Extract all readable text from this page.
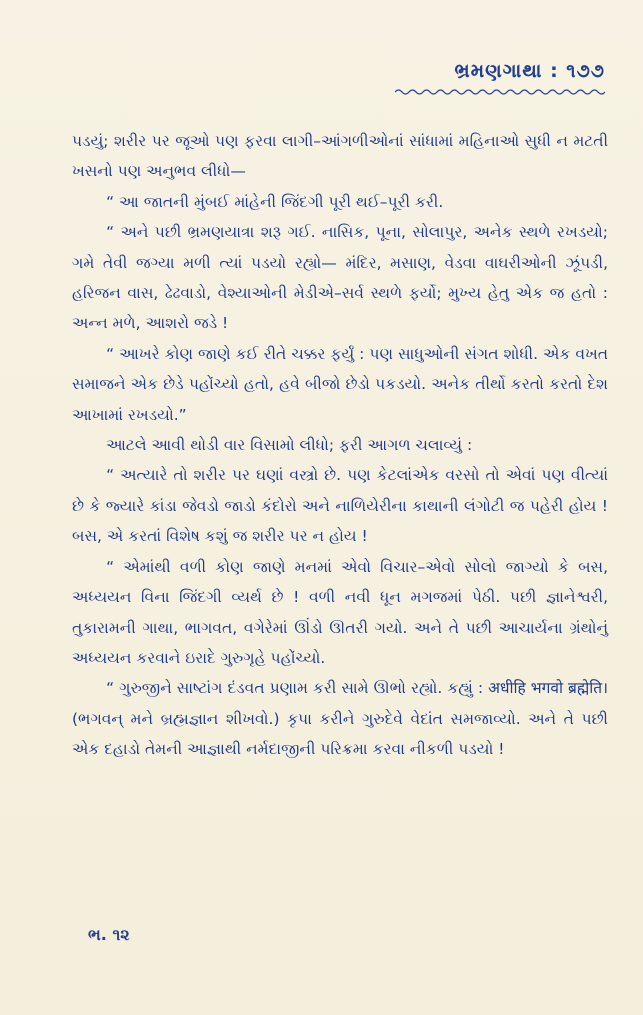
ભ્રમણગાથા : ૧૭૭

પડયું; શરીર પર જૂઓ પણ ફરવા લાગી–આંગળીઓનાં સાંધામાં મહિનાઓ સુધી ન મટતી ખસનો પણ અનુભવ લીધો—

“ આ જાતની મુંબઈ માંહેની જિંદગી પૂરી થઈ–પૂરી કરી.

“ અને પછી ભ્રમણયાત્રા શરૂ ગઈ. નાસિક, પૂના, સોલાપુર, અનેક સ્થળે રખડયો; ગમે તેવી જગ્યા મળી ત્યાં પડયો રહ્યો— મંદિર, મસાણ, વેડવા વાઘરીઓની ઝૂંપડી, હરિજન વાસ, ઢેઢવાડો, વેશ્યાઓની મેડીએ–સર્વ સ્થળે ફર્યો; મુખ્ય હેતુ એક જ હતો : અન્ન મળે, આશરો જડે !

“ આખરે કોણ જાણે કઈ રીતે ચક્કર ફર્યું : પણ સાધુઓની સંગત શોધી. એક વખત સમાજને એક છેડે પહોંચ્યો હતો, હવે બીજો છેડો પકડયો. અનેક તીર્થો કરતો કરતો દેશ આખામાં રખડયો.”

આટલે આવી થોડી વાર વિસામો લીધો; ફરી આગળ ચલાવ્યું :

“ અત્યારે તો શરીર પર ઘણાં વસ્ત્રો છે. પણ કેટલાંએક વરસો તો એવાં પણ વીત્યાં છે કે જ્યારે કાંડા જેવડો જાડો કંદોરો અને નાળિયેરીના કાથાની લંગોટી જ પહેરી હોય ! બસ, એ કરતાં વિશેષ કશું જ શરીર પર ન હોય !

“ એમાંથી વળી કોણ જાણે મનમાં એવો વિચાર–એવો સોલો જાગ્યો કે બસ, અધ્યયન વિના જિંદગી વ્યર્થ છે ! વળી નવી ધૂન મગજમાં પેઠી. પછી જ્ઞાનેશ્વરી, તુકારામની ગાથા, ભાગવત, વગેરેમાં ઊંડો ઊતરી ગયો. અને તે પછી આચાર્યના ગ્રંથોનું અધ્યયન કરવાને ઇરાદે ગુરુગૃહે પહોંચ્યો.

“ ગુરુજીને સાષ્ટાંગ દંડવત પ્રણામ કરી સામે ઊભો રહ્યો. કહ્યું : अधीहि भगवो ब्रह्मेति। (ભગવન્ મને બ્રહ્મજ્ઞાન શીખવો.) કૃપા કરીને ગુરુદેવે વેદાંત સમજાવ્યો. અને તે પછી એક દહાડો તેમની આજ્ઞાથી નર્મદાજીની પરિક્રમા કરવા નીકળી પડયો !

ભ. ૧૨
